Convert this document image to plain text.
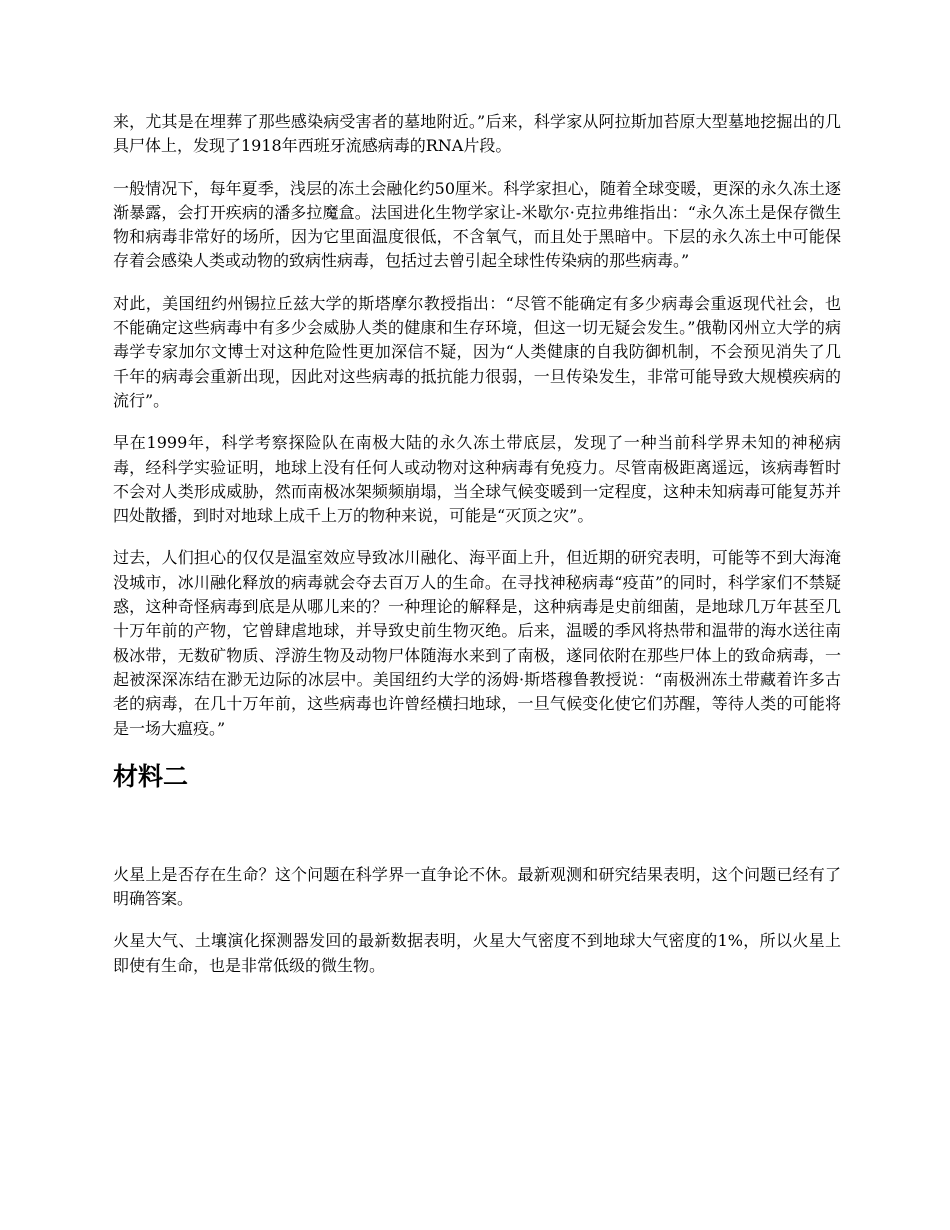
来，尤其是在埋葬了那些感染病受害者的墓地附近。”后来，科学家从阿拉斯加苔原大型墓地挖掘出的几具尸体上，发现了1918年西班牙流感病毒的RNA片段。

一般情况下，每年夏季，浅层的冻土会融化约50厘米。科学家担心，随着全球变暖，更深的永久冻土逐渐暴露，会打开疾病的潘多拉魔盒。法国进化生物学家让-米歇尔·克拉弗维指出：“永久冻土是保存微生物和病毒非常好的场所，因为它里面温度很低，不含氧气，而且处于黑暗中。下层的永久冻土中可能保存着会感染人类或动物的致病性病毒，包括过去曾引起全球性传染病的那些病毒。”

对此，美国纽约州锡拉丘兹大学的斯塔摩尔教授指出：“尽管不能确定有多少病毒会重返现代社会，也不能确定这些病毒中有多少会威胁人类的健康和生存环境，但这一切无疑会发生。”俄勒冈州立大学的病毒学专家加尔文博士对这种危险性更加深信不疑，因为“人类健康的自我防御机制，不会预见消失了几千年的病毒会重新出现，因此对这些病毒的抵抗能力很弱，一旦传染发生，非常可能导致大规模疾病的流行”。

早在1999年，科学考察探险队在南极大陆的永久冻土带底层，发现了一种当前科学界未知的神秘病毒，经科学实验证明，地球上没有任何人或动物对这种病毒有免疫力。尽管南极距离遥远，该病毒暂时不会对人类形成威胁，然而南极冰架频频崩塌，当全球气候变暖到一定程度，这种未知病毒可能复苏并四处散播，到时对地球上成千上万的物种来说，可能是“灭顶之灾”。

过去，人们担心的仅仅是温室效应导致冰川融化、海平面上升，但近期的研究表明，可能等不到大海淹没城市，冰川融化释放的病毒就会夺去百万人的生命。在寻找神秘病毒“疫苗”的同时，科学家们不禁疑惑，这种奇怪病毒到底是从哪儿来的？一种理论的解释是，这种病毒是史前细菌，是地球几万年甚至几十万年前的产物，它曾肆虐地球，并导致史前生物灭绝。后来，温暖的季风将热带和温带的海水送往南极冰带，无数矿物质、浮游生物及动物尸体随海水来到了南极，遂同依附在那些尸体上的致命病毒，一起被深深冻结在渺无边际的冰层中。美国纽约大学的汤姆·斯塔穆鲁教授说：“南极洲冻土带藏着许多古老的病毒，在几十万年前，这些病毒也许曾经横扫地球，一旦气候变化使它们苏醒，等待人类的可能将是一场大瘟疫。”

材料二

火星上是否存在生命？这个问题在科学界一直争论不休。最新观测和研究结果表明，这个问题已经有了明确答案。

火星大气、土壤演化探测器发回的最新数据表明，火星大气密度不到地球大气密度的1%，所以火星上即使有生命，也是非常低级的微生物。
